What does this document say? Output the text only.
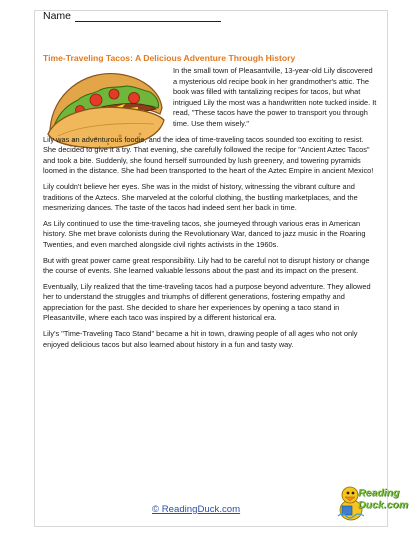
Name
Time-Traveling Tacos: A Delicious Adventure Through History

In the small town of Pleasantville, 13-year-old Lily discovered a mysterious old recipe book in her grandmother's attic. The book was filled with tantalizing recipes for tacos, but what intrigued Lily the most was a handwritten note tucked inside. It read, "These tacos have the power to transport you through time. Use them wisely."

Lily was an adventurous foodie, and the idea of time-traveling tacos sounded too exciting to resist. She decided to give it a try. That evening, she carefully followed the recipe for "Ancient Aztec Tacos" and took a bite. Suddenly, she found herself surrounded by lush greenery, and towering pyramids loomed in the distance. She had been transported to the heart of the Aztec Empire in ancient Mexico!

Lily couldn't believe her eyes. She was in the midst of history, witnessing the vibrant culture and traditions of the Aztecs. She marveled at the colorful clothing, the bustling marketplaces, and the mesmerizing dances. The taste of the tacos had indeed sent her back in time.

As Lily continued to use the time-traveling tacos, she journeyed through various eras in American history. She met brave colonists during the Revolutionary War, danced to jazz music in the Roaring Twenties, and even marched alongside civil rights activists in the 1960s.

But with great power came great responsibility. Lily had to be careful not to disrupt history or change the course of events. She learned valuable lessons about the past and its impact on the present.

Eventually, Lily realized that the time-traveling tacos had a purpose beyond adventure. They allowed her to understand the struggles and triumphs of different generations, fostering empathy and appreciation for the past. She decided to share her experiences by opening a taco stand in Pleasantville, where each taco was inspired by a different historical era.

Lily's "Time-Traveling Taco Stand" became a hit in town, drawing people of all ages who not only enjoyed delicious tacos but also learned about history in a fun and tasty way.

© ReadingDuck.com
Reading
Duck.com
